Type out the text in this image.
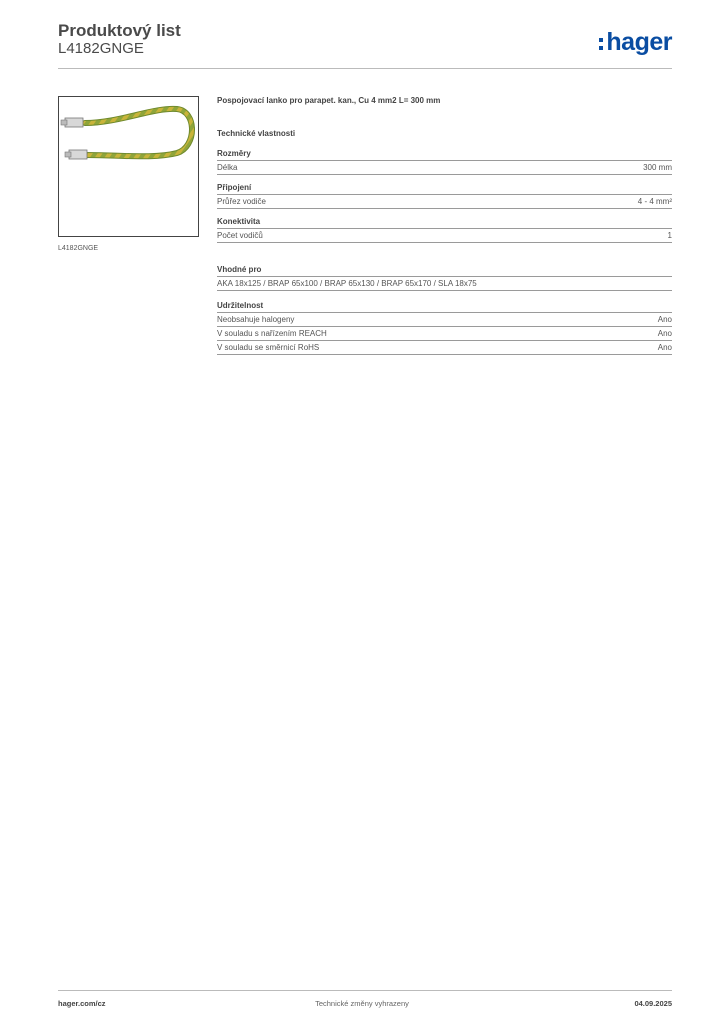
Produktový list
L4182GNGE	hager
L4182GNGE
Pospojovací lanko pro parapet. kan., Cu 4 mm2 L= 300 mm
Technické vlastnosti
Rozměry
Délka	300 mm
Připojení
Průřez vodiče	4 - 4 mm²
Konektivita
Počet vodičů	1
Vhodné pro
AKA 18x125 / BRAP 65x100 / BRAP 65x130 / BRAP 65x170 / SLA 18x75
Udržitelnost
Neobsahuje halogeny	Ano
V souladu s nařízením REACH	Ano
V souladu se směrnicí RoHS	Ano
hager.com/cz	Technické změny vyhrazeny	04.09.2025
